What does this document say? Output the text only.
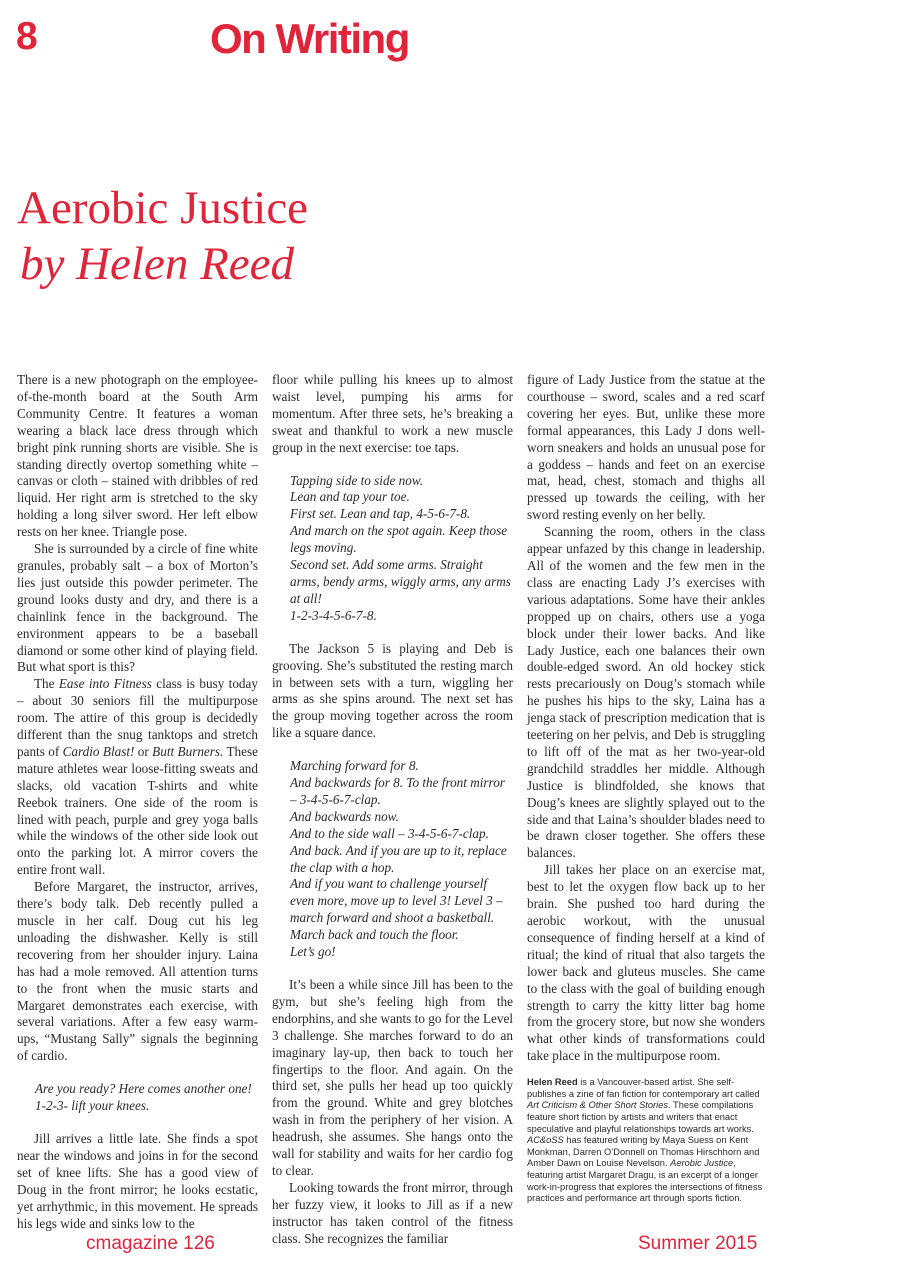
8	On Writing
Aerobic Justice
by Helen Reed

There is a new photograph on the employee-of-the-month board at the South Arm Community Centre. It features a woman wearing a black lace dress through which bright pink running shorts are visible. She is standing directly overtop something white – canvas or cloth – stained with dribbles of red liquid. Her right arm is stretched to the sky holding a long silver sword. Her left elbow rests on her knee. Triangle pose.

She is surrounded by a circle of fine white granules, probably salt – a box of Morton’s lies just outside this powder perimeter. The ground looks dusty and dry, and there is a chainlink fence in the background. The environment appears to be a baseball diamond or some other kind of playing field. But what sport is this?

The Ease into Fitness class is busy today – about 30 seniors fill the multipurpose room. The attire of this group is decidedly different than the snug tanktops and stretch pants of Cardio Blast! or Butt Burners. These mature athletes wear loose-fitting sweats and slacks, old vacation T-shirts and white Reebok trainers. One side of the room is lined with peach, purple and grey yoga balls while the windows of the other side look out onto the parking lot. A mirror covers the entire front wall.

Before Margaret, the instructor, arrives, there’s body talk. Deb recently pulled a muscle in her calf. Doug cut his leg unloading the dishwasher. Kelly is still recovering from her shoulder injury. Laina has had a mole removed. All attention turns to the front when the music starts and Margaret demonstrates each exercise, with several variations. After a few easy warm-ups, “Mustang Sally” signals the beginning of cardio.

Are you ready? Here comes another one!
1-2-3- lift your knees.

Jill arrives a little late. She finds a spot near the windows and joins in for the second set of knee lifts. She has a good view of Doug in the front mirror; he looks ecstatic, yet arrhythmic, in this movement. He spreads his legs wide and sinks low to the

floor while pulling his knees up to almost waist level, pumping his arms for momentum. After three sets, he’s breaking a sweat and thankful to work a new muscle group in the next exercise: toe taps.

Tapping side to side now.
Lean and tap your toe.
First set. Lean and tap, 4-5-6-7-8.
And march on the spot again. Keep those legs moving.
Second set. Add some arms. Straight arms, bendy arms, wiggly arms, any arms at all!
1-2-3-4-5-6-7-8.

The Jackson 5 is playing and Deb is grooving. She’s substituted the resting march in between sets with a turn, wiggling her arms as she spins around. The next set has the group moving together across the room like a square dance.

Marching forward for 8.
And backwards for 8. To the front mirror – 3-4-5-6-7-clap.
And backwards now.
And to the side wall – 3-4-5-6-7-clap.
And back. And if you are up to it, replace the clap with a hop.
And if you want to challenge yourself even more, move up to level 3! Level 3 – march forward and shoot a basketball. March back and touch the floor.
Let’s go!

It’s been a while since Jill has been to the gym, but she’s feeling high from the endorphins, and she wants to go for the Level 3 challenge. She marches forward to do an imaginary lay-up, then back to touch her fingertips to the floor. And again. On the third set, she pulls her head up too quickly from the ground. White and grey blotches wash in from the periphery of her vision. A headrush, she assumes. She hangs onto the wall for stability and waits for her cardio fog to clear.

Looking towards the front mirror, through her fuzzy view, it looks to Jill as if a new instructor has taken control of the fitness class. She recognizes the familiar

figure of Lady Justice from the statue at the courthouse – sword, scales and a red scarf covering her eyes. But, unlike these more formal appearances, this Lady J dons well-worn sneakers and holds an unusual pose for a goddess – hands and feet on an exercise mat, head, chest, stomach and thighs all pressed up towards the ceiling, with her sword resting evenly on her belly.

Scanning the room, others in the class appear unfazed by this change in leadership. All of the women and the few men in the class are enacting Lady J’s exercises with various adaptations. Some have their ankles propped up on chairs, others use a yoga block under their lower backs. And like Lady Justice, each one balances their own double-edged sword. An old hockey stick rests precariously on Doug’s stomach while he pushes his hips to the sky, Laina has a jenga stack of prescription medication that is teetering on her pelvis, and Deb is struggling to lift off of the mat as her two-year-old grandchild straddles her middle. Although Justice is blindfolded, she knows that Doug’s knees are slightly splayed out to the side and that Laina’s shoulder blades need to be drawn closer together. She offers these balances.

Jill takes her place on an exercise mat, best to let the oxygen flow back up to her brain. She pushed too hard during the aerobic workout, with the unusual consequence of finding herself at a kind of ritual; the kind of ritual that also targets the lower back and gluteus muscles. She came to the class with the goal of building enough strength to carry the kitty litter bag home from the grocery store, but now she wonders what other kinds of transformations could take place in the multipurpose room.

Helen Reed is a Vancouver-based artist. She self-publishes a zine of fan fiction for contemporary art called Art Criticism & Other Short Stories. These compilations feature short fiction by artists and writers that enact speculative and playful relationships towards art works. AC&oSS has featured writing by Maya Suess on Kent Monkman, Darren O’Donnell on Thomas Hirschhorn and Amber Dawn on Louise Nevelson. Aerobic Justice, featuring artist Margaret Dragu, is an excerpt of a longer work-in-progress that explores the intersections of fitness practices and performance art through sports fiction.

cmagazine 126	Summer 2015
